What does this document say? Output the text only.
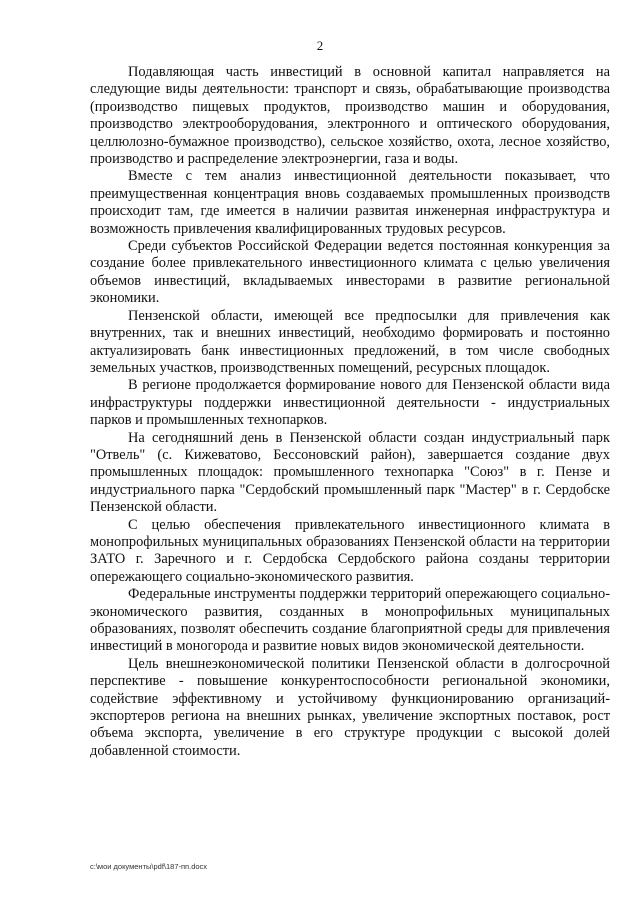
2

Подавляющая часть инвестиций в основной капитал направляется на следующие виды деятельности: транспорт и связь, обрабатывающие производства (производство пищевых продуктов, производство машин и оборудования, производство электрооборудования, электронного и оптического оборудования, целлюлозно-бумажное производство), сельское хозяйство, охота, лесное хозяйство, производство и распределение электроэнергии, газа и воды.

Вместе с тем анализ инвестиционной деятельности показывает, что преимущественная концентрация вновь создаваемых промышленных производств происходит там, где имеется в наличии развитая инженерная инфраструктура и возможность привлечения квалифицированных трудовых ресурсов.

Среди субъектов Российской Федерации ведется постоянная конкуренция за создание более привлекательного инвестиционного климата с целью увеличения объемов инвестиций, вкладываемых инвесторами в развитие региональной экономики.

Пензенской области, имеющей все предпосылки для привлечения как внутренних, так и внешних инвестиций, необходимо формировать и постоянно актуализировать банк инвестиционных предложений, в том числе свободных земельных участков, производственных помещений, ресурсных площадок.

В регионе продолжается формирование нового для Пензенской области вида инфраструктуры поддержки инвестиционной деятельности - индустриальных парков и промышленных технопарков.

На сегодняшний день в Пензенской области создан индустриальный парк "Отвель" (с. Кижеватово, Бессоновский район), завершается создание двух промышленных площадок: промышленного технопарка "Союз" в г. Пензе и индустриального парка "Сердобский промышленный парк "Мастер" в г. Сердобске Пензенской области.

С целью обеспечения привлекательного инвестиционного климата в монопрофильных муниципальных образованиях Пензенской области на территории ЗАТО г. Заречного и г. Сердобска Сердобского района созданы территории опережающего социально-экономического развития.

Федеральные инструменты поддержки территорий опережающего социально-экономического развития, созданных в монопрофильных муниципальных образованиях, позволят обеспечить создание благоприятной среды для привлечения инвестиций в моногорода и развитие новых видов экономической деятельности.

Цель внешнеэкономической политики Пензенской области в долгосрочной перспективе - повышение конкурентоспособности региональной экономики, содействие эффективному и устойчивому функционированию организаций-экспортеров региона на внешних рынках, увеличение экспортных поставок, рост объема экспорта, увеличение в его структуре продукции с высокой долей добавленной стоимости.

c:\мои документы\pdf\187-пп.docx
